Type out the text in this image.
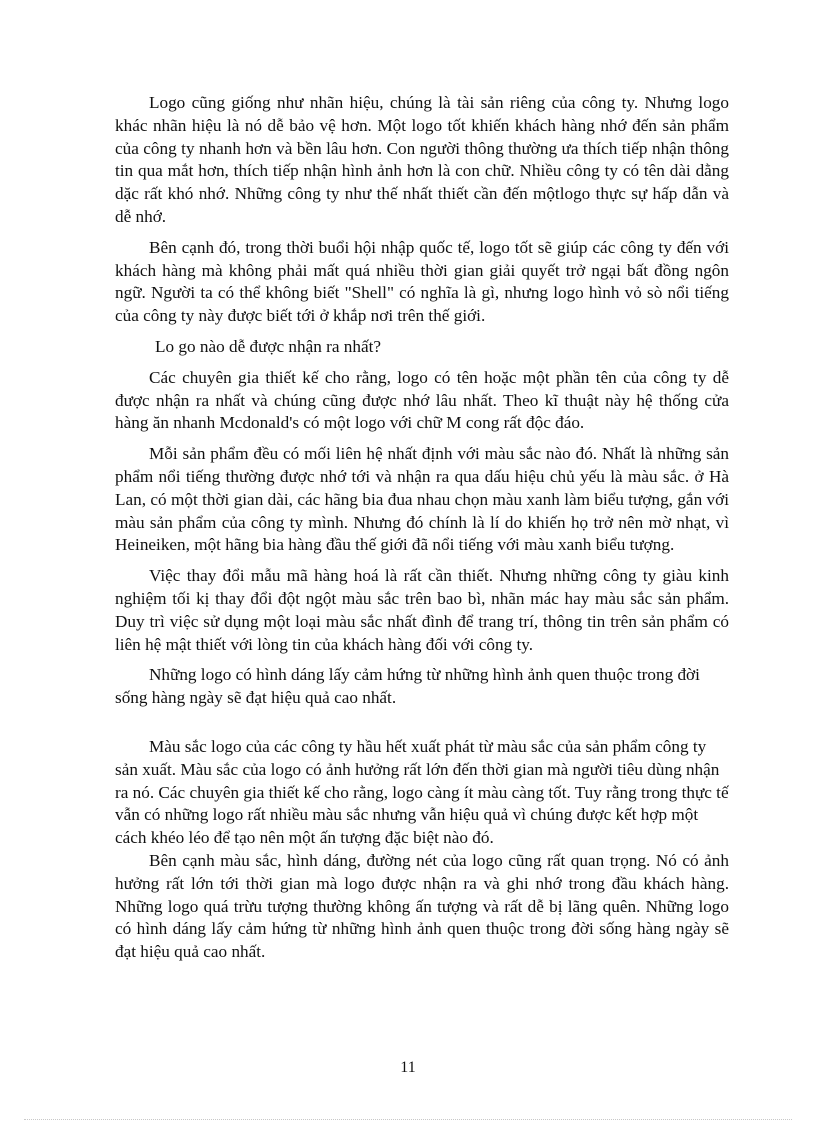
Logo cũng giống như nhãn hiệu, chúng là tài sản riêng của công ty. Nhưng logo khác nhãn hiệu là nó dễ bảo vệ hơn. Một logo tốt khiến khách hàng nhớ đến sản phẩm của công ty nhanh hơn và bền lâu hơn. Con người thông thường ưa thích tiếp nhận thông tin qua mắt hơn, thích tiếp nhận hình ảnh hơn là con chữ. Nhiều công ty có tên dài dằng dặc rất khó nhớ. Những công ty như thế nhất thiết cần đến mộtlogo thực sự hấp dẫn và dễ nhớ.

Bên cạnh đó, trong thời buổi hội nhập quốc tế, logo tốt sẽ giúp các công ty đến với khách hàng mà không phải mất quá nhiều thời gian giải quyết trở ngại bất đồng ngôn ngữ. Người ta có thể không biết "Shell" có nghĩa là gì, nhưng logo hình vỏ sò nổi tiếng của công ty này được biết tới ở khắp nơi trên thế giới.

Lo go nào dễ được nhận ra nhất?

Các chuyên gia thiết kế cho rằng, logo có tên hoặc một phần tên của công ty dễ được nhận ra nhất và chúng cũng được nhớ lâu nhất. Theo kĩ thuật này hệ thống cửa hàng ăn nhanh Mcdonald's có một logo với chữ M cong rất độc đáo.

Mỗi sản phẩm đều có mối liên hệ nhất định với màu sắc nào đó. Nhất là những sản phẩm nổi tiếng thường được nhớ tới và nhận ra qua dấu hiệu chủ yếu là màu sắc. ở Hà Lan, có một thời gian dài, các hãng bia đua nhau chọn màu xanh làm biểu tượng, gắn với màu sản phẩm của công ty mình. Nhưng đó chính là lí do khiến họ trở nên mờ nhạt, vì Heineiken, một hãng bia hàng đầu thế giới đã nổi tiếng với màu xanh biểu tượng.

Việc thay đổi mẫu mã hàng hoá là rất cần thiết. Nhưng những công ty giàu kinh nghiệm tối kị thay đổi đột ngột màu sắc trên bao bì, nhãn mác hay màu sắc sản phẩm. Duy trì việc sử dụng một loại màu sắc nhất đình để trang trí, thông tin trên sản phẩm có liên hệ mật thiết với lòng tin của khách hàng đối với công ty.

Những logo có hình dáng lấy cảm hứng từ những hình ảnh quen thuộc trong đời sống hàng ngày sẽ đạt hiệu quả cao nhất.

Màu sắc logo của các công ty hầu hết xuất phát từ màu sắc của sản phẩm công ty sản xuất. Màu sắc của logo có ảnh hưởng rất lớn đến thời gian mà người tiêu dùng nhận ra nó. Các chuyên gia thiết kế cho rằng, logo càng ít màu càng tốt. Tuy rằng trong thực tế vẫn có những logo rất nhiều màu sắc nhưng vẫn hiệu quả vì chúng được kết hợp một cách khéo léo để tạo nên một ấn tượng đặc biệt nào đó.

Bên cạnh màu sắc, hình dáng, đường nét của logo cũng rất quan trọng. Nó có ảnh hưởng rất lớn tới thời gian mà logo được nhận ra và ghi nhớ trong đầu khách hàng. Những logo quá trừu tượng thường không ấn tượng và rất dễ bị lãng quên. Những logo có hình dáng lấy cảm hứng từ những hình ảnh quen thuộc trong đời sống hàng ngày sẽ đạt hiệu quả cao nhất.

11
